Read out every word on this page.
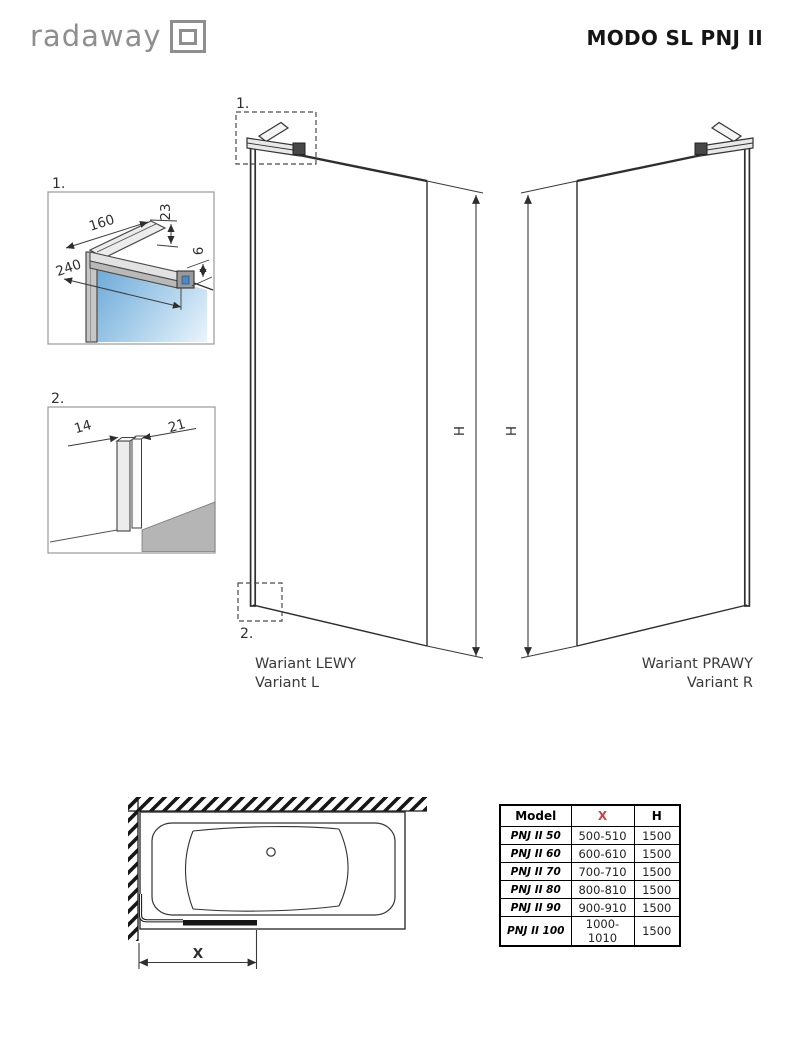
radaway	MODO SL PNJ II
1.
160	23
240
6
2.
14	21
1.
2.
H	H
X
Wariant LEWY
Variant L
Wariant PRAWY
Variant R
Model	X	H
PNJ II 50	500-510	1500
PNJ II 60	600-610	1500
PNJ II 70	700-710	1500
PNJ II 80	800-810	1500
PNJ II 90	900-910	1500
PNJ II 100	1000-1010	1500
